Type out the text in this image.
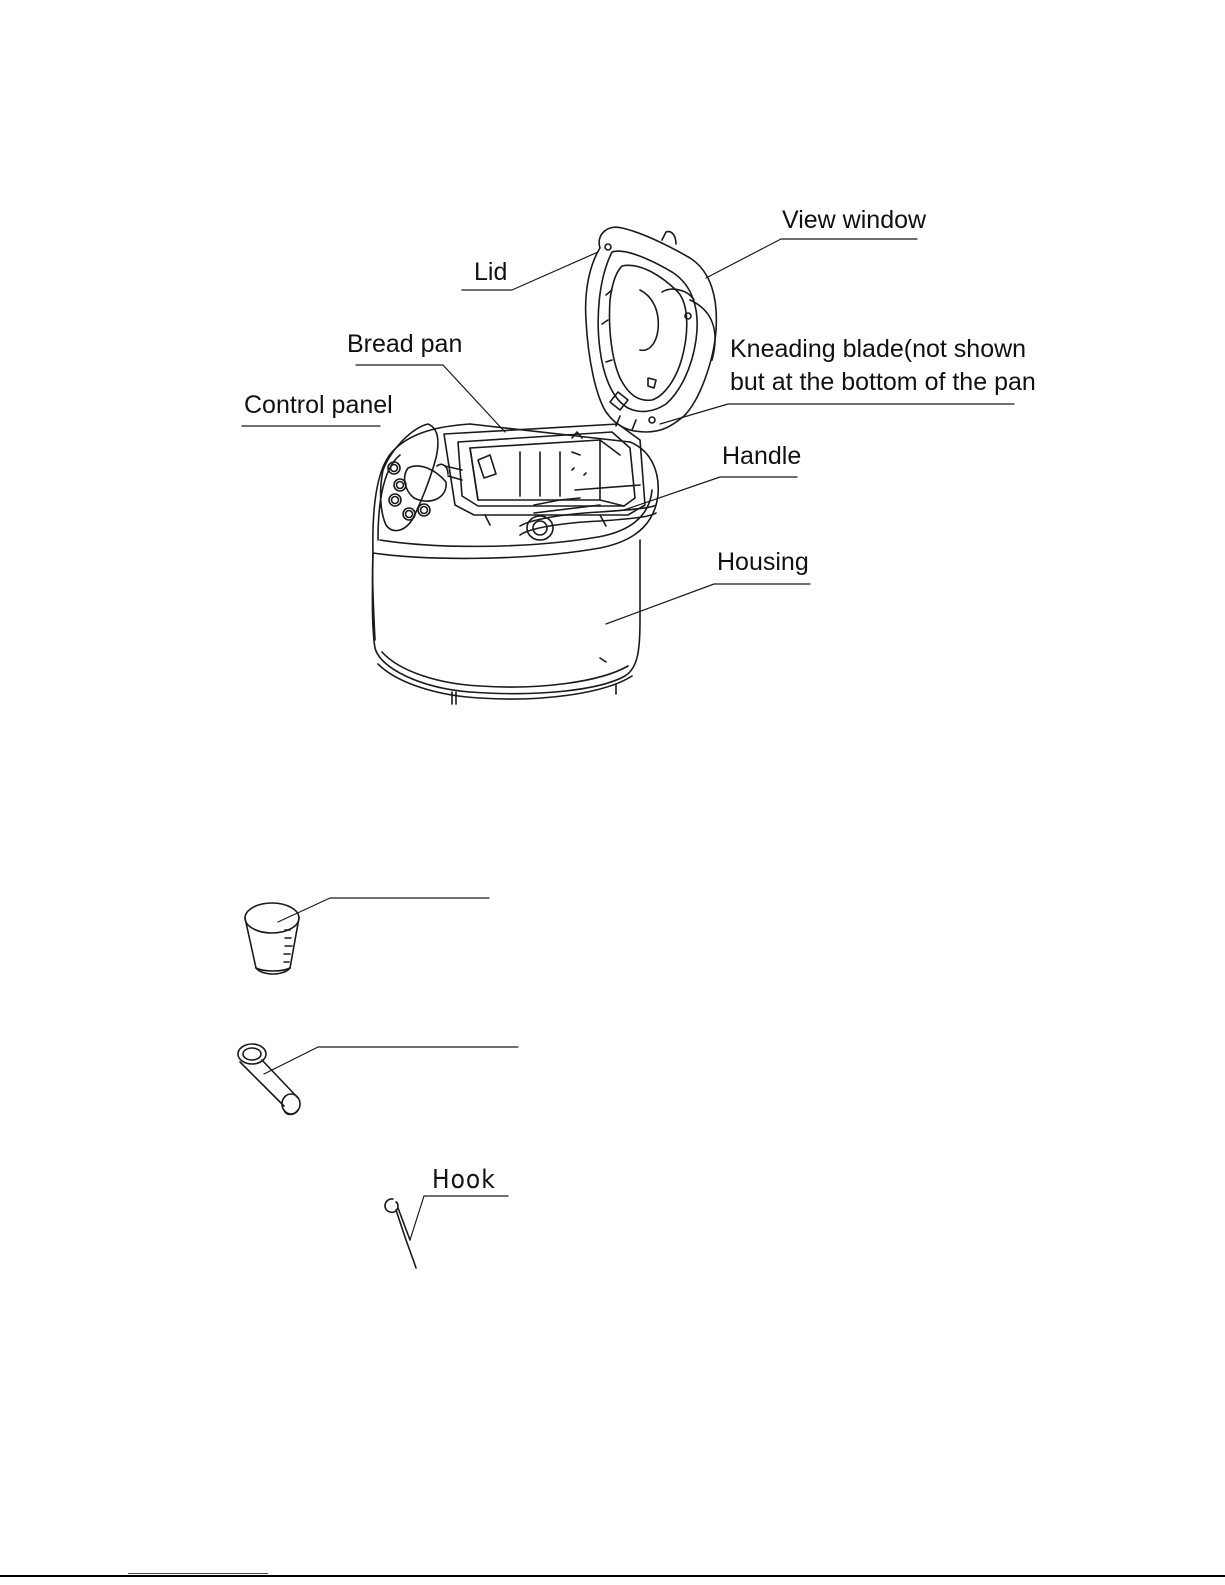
View window
Lid
Bread pan	Kneading blade(not shown
but at the bottom of the pan
Control panel
Handle
Housing
Hook
